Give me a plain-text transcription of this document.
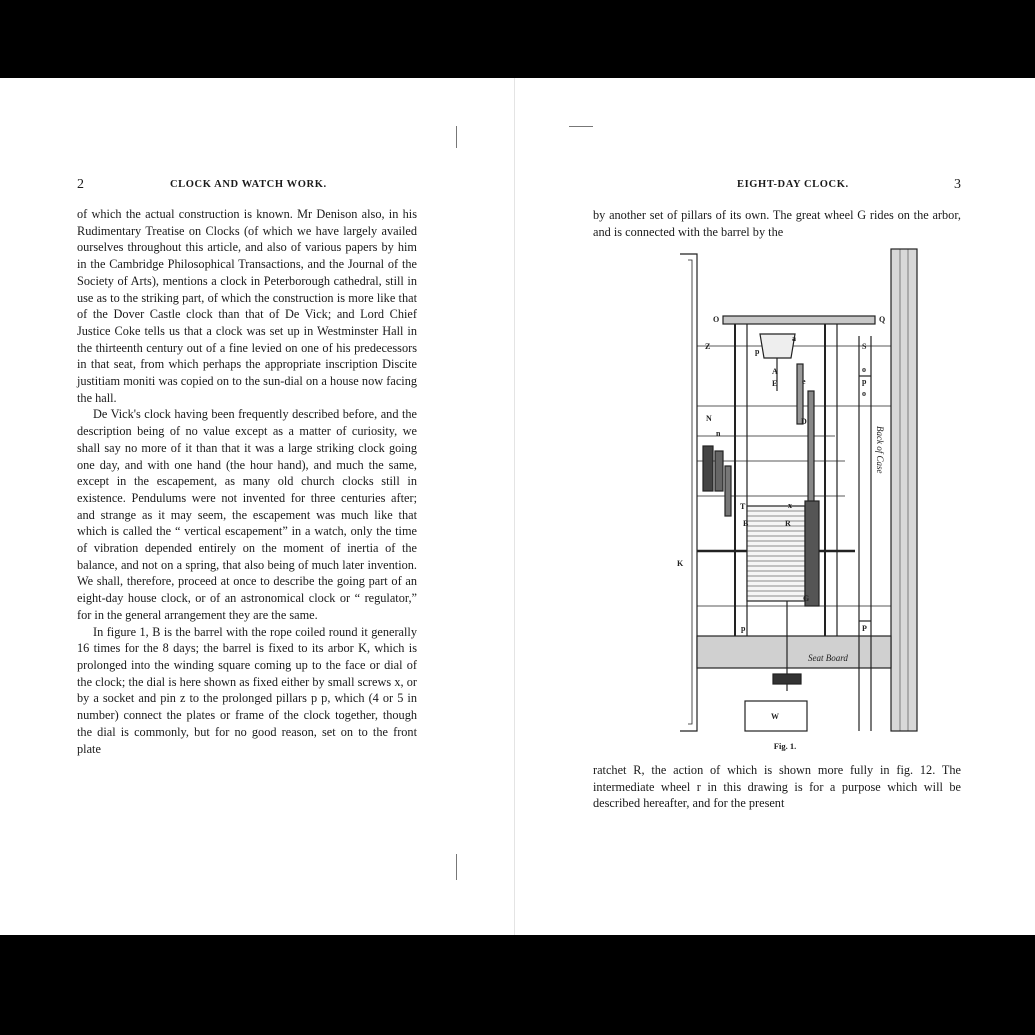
2	CLOCK AND WATCH WORK.

of which the actual construction is known. Mr Denison also, in his Rudimentary Treatise on Clocks (of which we have largely availed ourselves throughout this article, and also of various papers by him in the Cambridge Philosophical Transactions, and the Journal of the Society of Arts), mentions a clock in Peterborough cathedral, still in use as to the striking part, of which the construction is more like that of the Dover Castle clock than that of De Vick; and Lord Chief Justice Coke tells us that a clock was set up in Westminster Hall in the thirteenth century out of a fine levied on one of his predecessors in that seat, from which perhaps the appropriate inscription Discite justitiam moniti was copied on to the sun-dial on a house now facing the hall.

De Vick's clock having been frequently described before, and the description being of no value except as a matter of curiosity, we shall say no more of it than that it was a large striking clock going one day, and with one hand (the hour hand), and much the same, except in the escapement, as many old church clocks still in existence. Pendulums were not invented for three centuries after; and strange as it may seem, the escapement was much like that which is called the “ vertical escapement” in a watch, only the time of vibration depended entirely on the moment of inertia of the balance, and not on a spring, that also being of much later invention. We shall, therefore, proceed at once to describe the going part of an eight-day house clock, or of an astronomical clock or “ regulator,” for in the general arrangement they are the same.

In figure 1, B is the barrel with the rope coiled round it generally 16 times for the 8 days; the barrel is fixed to its arbor K, which is prolonged into the winding square coming up to the face or dial of the clock; the dial is here shown as fixed either by small screws x, or by a socket and pin z to the prolonged pillars p p, which (4 or 5 in number) connect the plates or frame of the clock together, though the dial is commonly, but for no good reason, set on to the front plate

EIGHT-DAY CLOCK.	3

by another set of pillars of its own. The great wheel G rides on the arbor, and is connected with the barrel by the

O
Z
a
Q
p
A
E	e
S
o
p
o
N
n
D
T	x
B	R
K
G
p	P
W
Back of Case
Seat Board
Fig. 1.

ratchet R, the action of which is shown more fully in fig. 12. The intermediate wheel r in this drawing is for a purpose which will be described hereafter, and for the present
